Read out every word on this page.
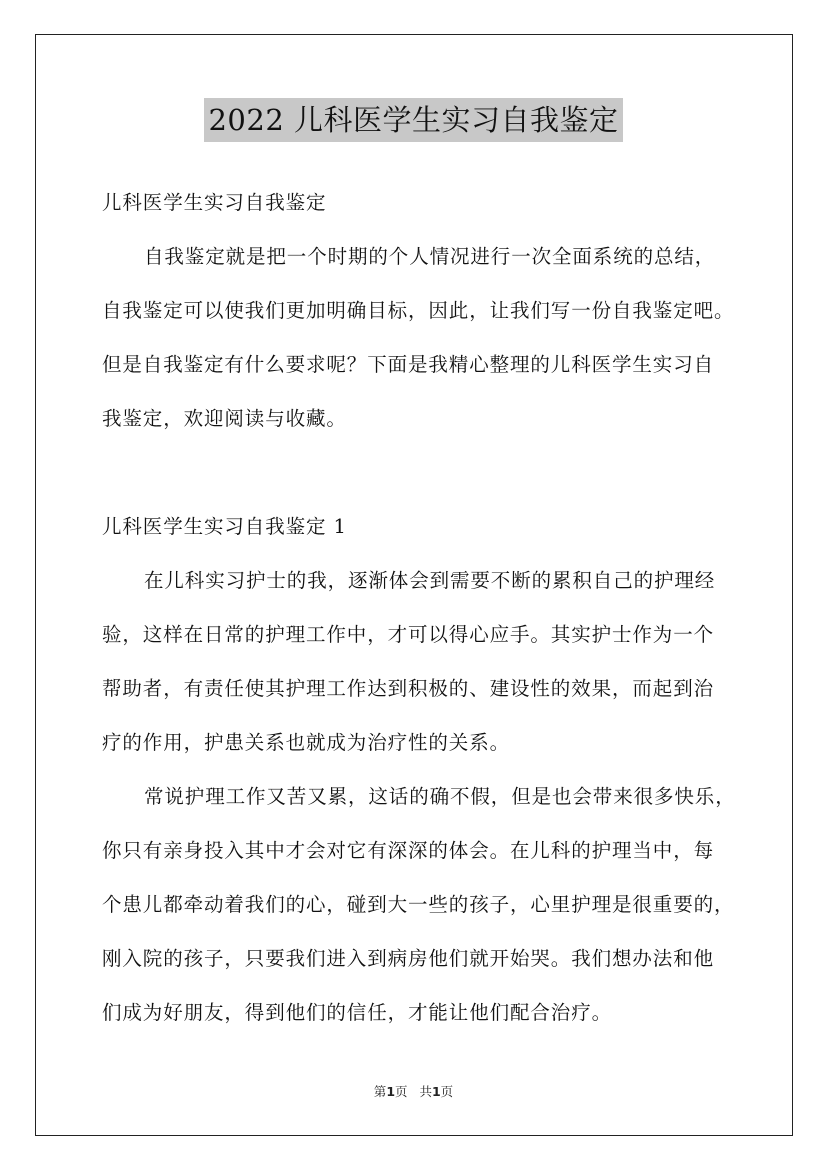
2022 儿科医学生实习自我鉴定
儿科医学生实习自我鉴定
自我鉴定就是把一个时期的个人情况进行一次全面系统的总结，
自我鉴定可以使我们更加明确目标，因此，让我们写一份自我鉴定吧。
但是自我鉴定有什么要求呢？下面是我精心整理的儿科医学生实习自
我鉴定，欢迎阅读与收藏。
儿科医学生实习自我鉴定 1
在儿科实习护士的我，逐渐体会到需要不断的累积自己的护理经
验，这样在日常的护理工作中，才可以得心应手。其实护士作为一个
帮助者，有责任使其护理工作达到积极的、建设性的效果，而起到治
疗的作用，护患关系也就成为治疗性的关系。
常说护理工作又苦又累，这话的确不假，但是也会带来很多快乐，
你只有亲身投入其中才会对它有深深的体会。在儿科的护理当中，每
个患儿都牵动着我们的心，碰到大一些的孩子，心里护理是很重要的，
刚入院的孩子，只要我们进入到病房他们就开始哭。我们想办法和他
们成为好朋友，得到他们的信任，才能让他们配合治疗。
第1页 共1页
